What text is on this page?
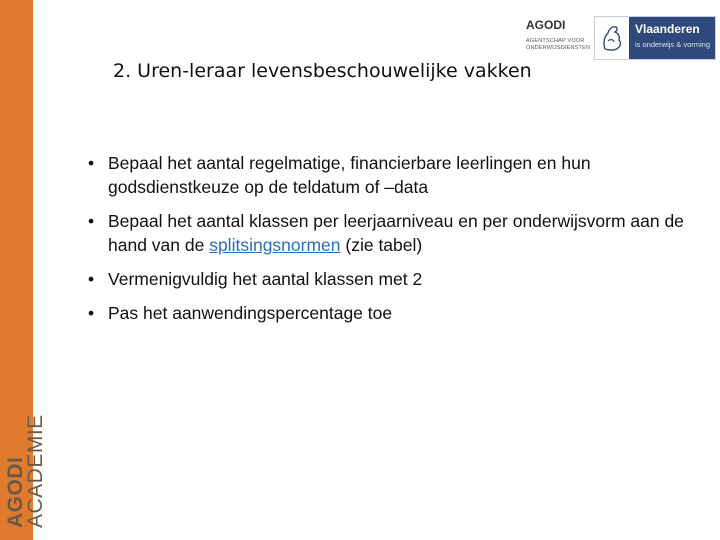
AGODI
ACADEMIE
AGODI
AGENTSCHAP VOOR
ONDERWIJSDIENSTEN
Vlaanderen
is onderwijs & vorming
2. Uren-leraar levensbeschouwelijke vakken
• Bepaal het aantal regelmatige, financierbare leerlingen en hun godsdienstkeuze op de teldatum of –data
• Bepaal het aantal klassen per leerjaarniveau en per onderwijsvorm aan de hand van de splitsingsnormen (zie tabel)
• Vermenigvuldig het aantal klassen met 2
• Pas het aanwendingspercentage toe
